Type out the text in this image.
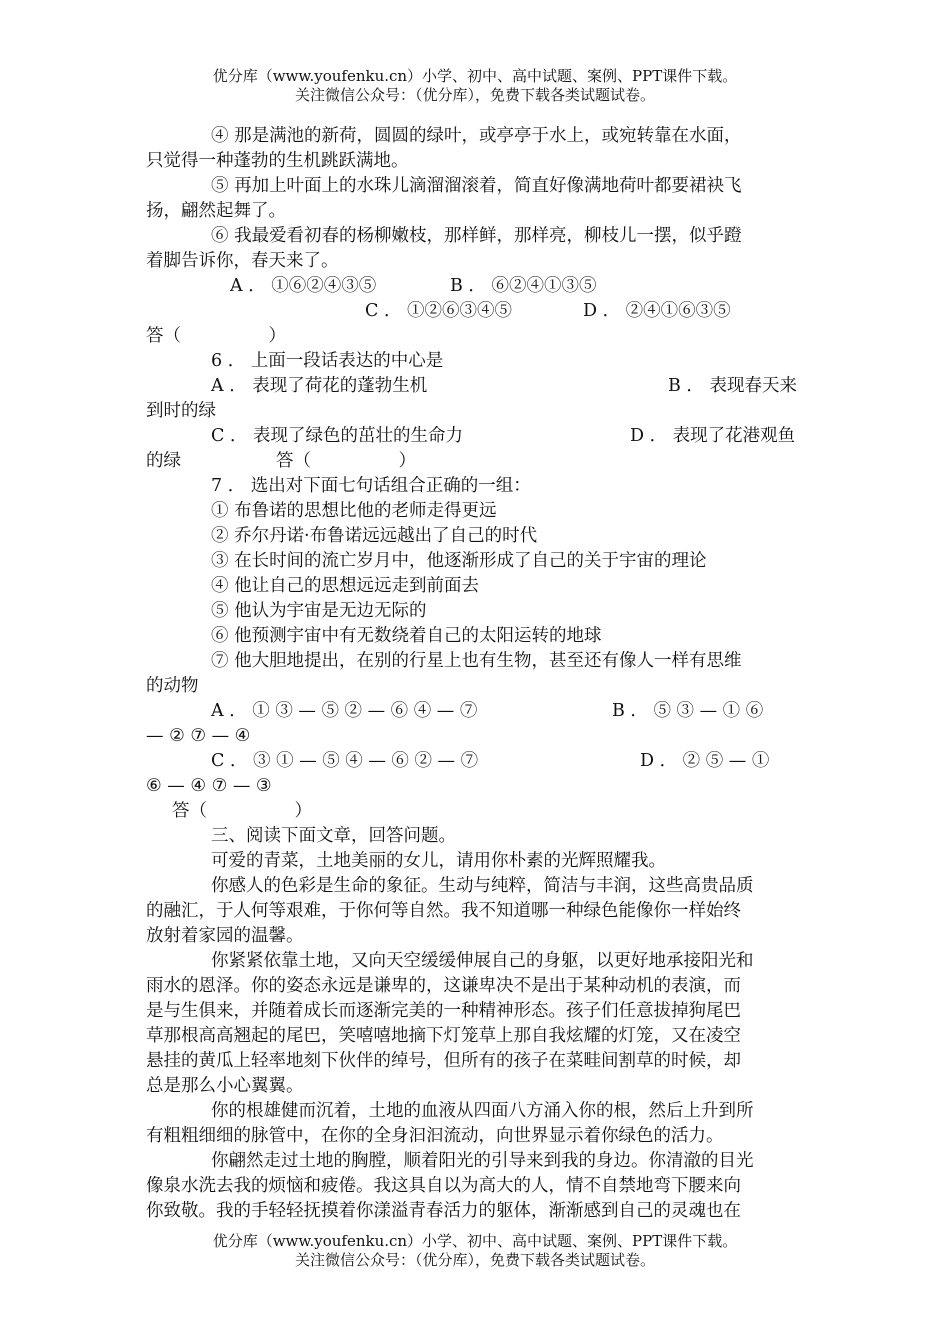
优分库（www.youfenku.cn）小学、初中、高中试题、案例、PPT课件下载。
关注微信公众号：（优分库），免费下载各类试题试卷。
④ 那是满池的新荷，圆圆的绿叶，或亭亭于水上，或宛转靠在水面，
只觉得一种蓬勃的生机跳跃满地。
⑤ 再加上叶面上的水珠儿滴溜溜滚着，简直好像满地荷叶都要裙袂飞
扬，翩然起舞了。
⑥ 我最爱看初春的杨柳嫩枝，那样鲜，那样亮，柳枝儿一摆，似乎蹬
着脚告诉你，春天来了。
A ． ①⑥②④③⑤	B ． ⑥②④①③⑤
C ． ①②⑥③④⑤	D ． ②④①⑥③⑤
答（　　　　　）
6 ． 上面一段话表达的中心是
A ． 表现了荷花的蓬勃生机	B ． 表现春天来
到时的绿
C ． 表现了绿色的茁壮的生命力	D ． 表现了花港观鱼
的绿	答（　　　　　）
7 ． 选出对下面七句话组合正确的一组：
① 布鲁诺的思想比他的老师走得更远
② 乔尔丹诺·布鲁诺远远越出了自己的时代
③ 在长时间的流亡岁月中，他逐渐形成了自己的关于宇宙的理论
④ 他让自己的思想远远走到前面去
⑤ 他认为宇宙是无边无际的
⑥ 他预测宇宙中有无数绕着自己的太阳运转的地球
⑦ 他大胆地提出，在别的行星上也有生物，甚至还有像人一样有思维
的动物
A ． ① ③ — ⑤ ② — ⑥ ④ — ⑦	B ． ⑤ ③ — ① ⑥
— ② ⑦ — ④
C ． ③ ① — ⑤ ④ — ⑥ ② — ⑦	D ． ② ⑤ — ①
⑥ — ④ ⑦ — ③
答（　　　　　）
三、阅读下面文章，回答问题。
可爱的青菜，土地美丽的女儿，请用你朴素的光辉照耀我。
你感人的色彩是生命的象征。生动与纯粹，简洁与丰润，这些高贵品质
的融汇，于人何等艰难，于你何等自然。我不知道哪一种绿色能像你一样始终
放射着家园的温馨。
你紧紧依靠土地，又向天空缓缓伸展自己的身躯，以更好地承接阳光和
雨水的恩泽。你的姿态永远是谦卑的，这谦卑决不是出于某种动机的表演，而
是与生俱来，并随着成长而逐渐完美的一种精神形态。孩子们任意拔掉狗尾巴
草那根高高翘起的尾巴，笑嘻嘻地摘下灯笼草上那自我炫耀的灯笼，又在凌空
悬挂的黄瓜上轻率地刻下伙伴的绰号，但所有的孩子在菜畦间割草的时候，却
总是那么小心翼翼。
你的根雄健而沉着，土地的血液从四面八方涌入你的根，然后上升到所
有粗粗细细的脉管中，在你的全身汩汩流动，向世界显示着你绿色的活力。
你翩然走过土地的胸膛，顺着阳光的引导来到我的身边。你清澈的目光
像泉水洗去我的烦恼和疲倦。我这具自以为高大的人，情不自禁地弯下腰来向
你致敬。我的手轻轻抚摸着你漾溢青春活力的躯体，渐渐感到自己的灵魂也在
优分库（www.youfenku.cn）小学、初中、高中试题、案例、PPT课件下载。
关注微信公众号：（优分库），免费下载各类试题试卷。
